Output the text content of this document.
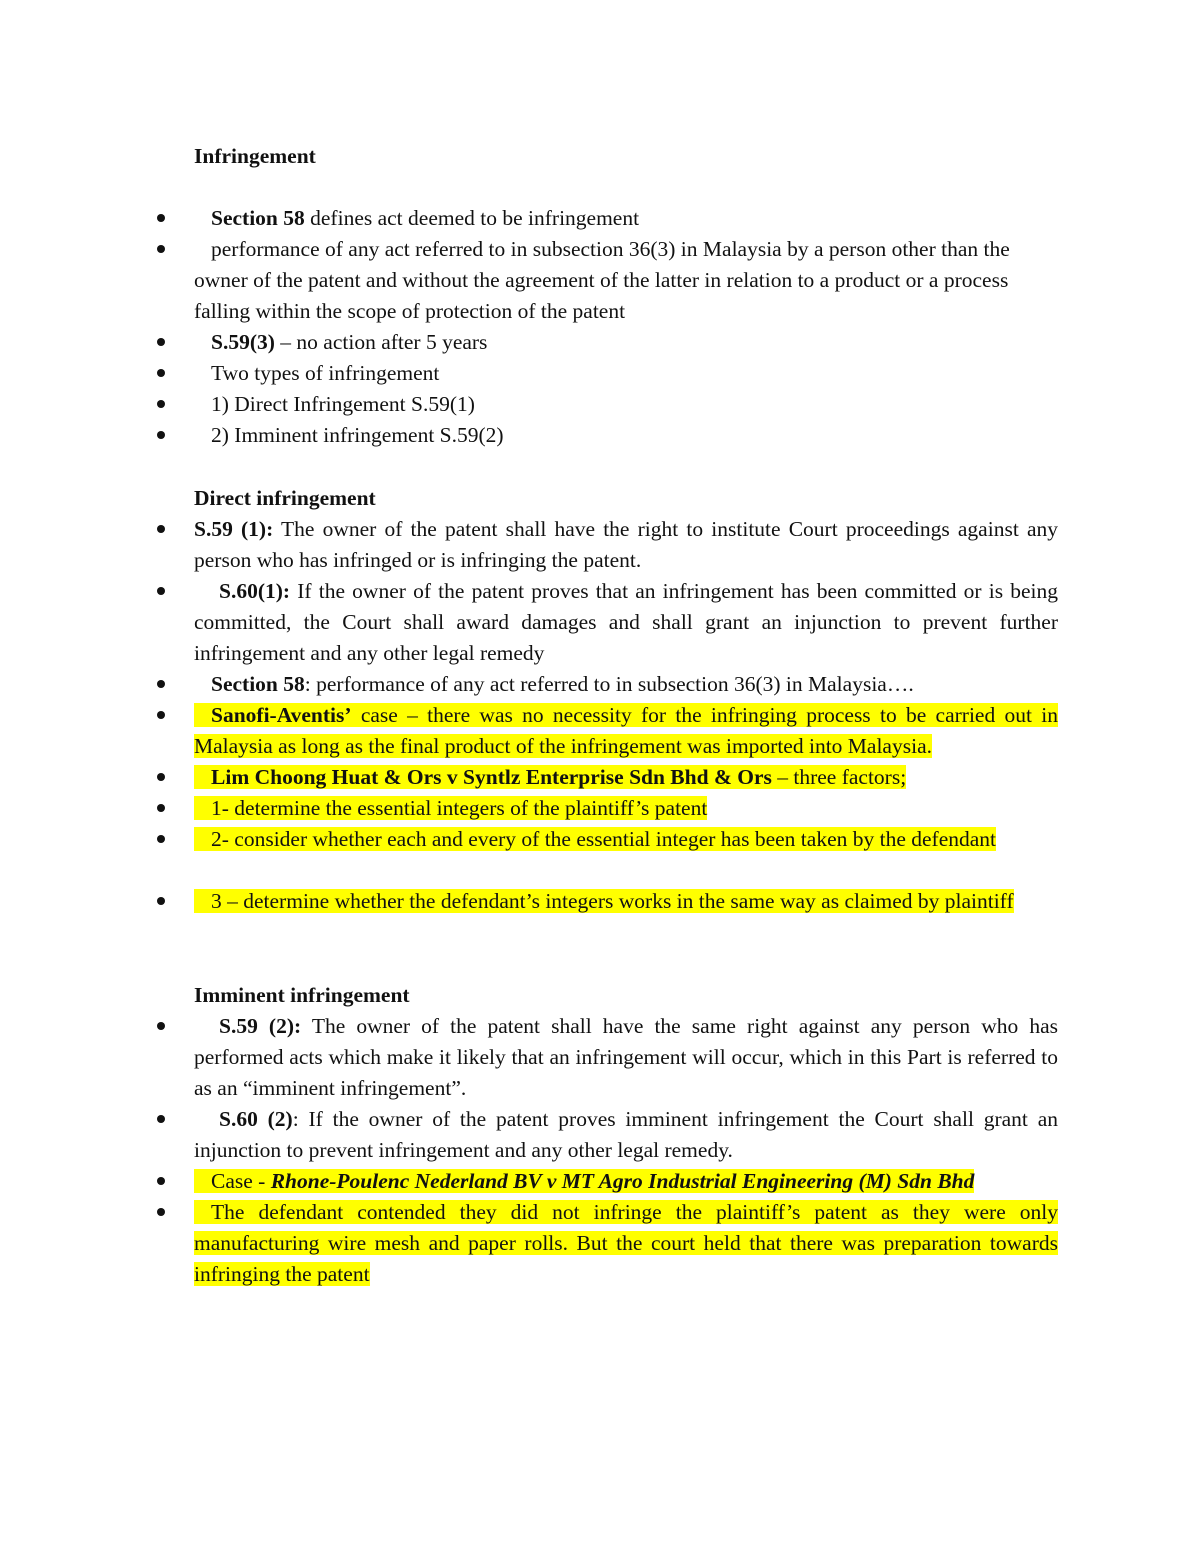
Infringement
Section 58 defines act deemed to be infringement
performance of any act referred to in subsection 36(3) in Malaysia by a person other than the owner of the patent and without the agreement of the latter in relation to a product or a process falling within the scope of protection of the patent
S.59(3) – no action after 5 years
Two types of infringement
1) Direct Infringement S.59(1)
2) Imminent infringement S.59(2)
Direct infringement
S.59 (1): The owner of the patent shall have the right to institute Court proceedings against any person who has infringed or is infringing the patent.
S.60(1): If the owner of the patent proves that an infringement has been committed or is being committed, the Court shall award damages and shall grant an injunction to prevent further infringement and any other legal remedy
Section 58: performance of any act referred to in subsection 36(3) in Malaysia….
Sanofi-Aventis’ case – there was no necessity for the infringing process to be carried out in Malaysia as long as the final product of the infringement was imported into Malaysia.
Lim Choong Huat & Ors v Syntlz Enterprise Sdn Bhd & Ors – three factors;
1- determine the essential integers of the plaintiff’s patent
2- consider whether each and every of the essential integer has been taken by the defendant
3 – determine whether the defendant’s integers works in the same way as claimed by plaintiff
Imminent infringement
S.59 (2): The owner of the patent shall have the same right against any person who has performed acts which make it likely that an infringement will occur, which in this Part is referred to as an “imminent infringement”.
S.60 (2): If the owner of the patent proves imminent infringement the Court shall grant an injunction to prevent infringement and any other legal remedy.
Case - Rhone-Poulenc Nederland BV v MT Agro Industrial Engineering (M) Sdn Bhd
The defendant contended they did not infringe the plaintiff’s patent as they were only manufacturing wire mesh and paper rolls. But the court held that there was preparation towards infringing the patent
